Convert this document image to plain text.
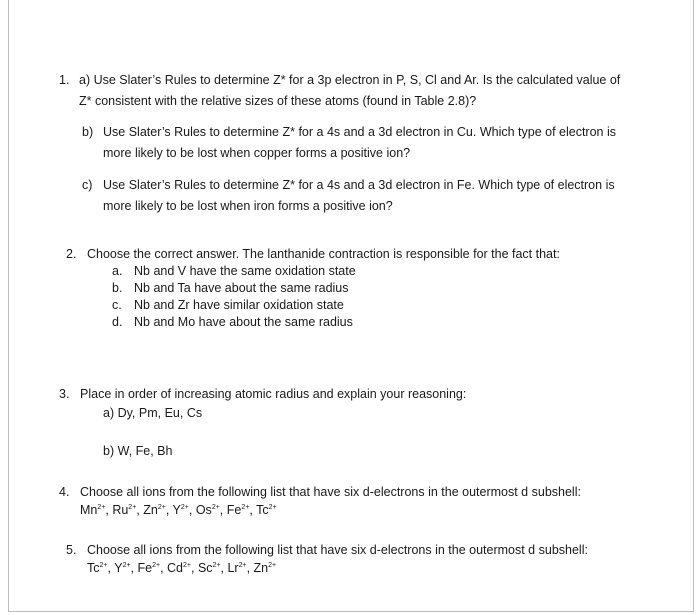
1. a) Use Slater’s Rules to determine Z* for a 3p electron in P, S, Cl and Ar. Is the calculated value of
Z* consistent with the relative sizes of these atoms (found in Table 2.8)?
b) Use Slater’s Rules to determine Z* for a 4s and a 3d electron in Cu. Which type of electron is
more likely to be lost when copper forms a positive ion?
c) Use Slater’s Rules to determine Z* for a 4s and a 3d electron in Fe. Which type of electron is
more likely to be lost when iron forms a positive ion?
2. Choose the correct answer. The lanthanide contraction is responsible for the fact that:
a. Nb and V have the same oxidation state
b. Nb and Ta have about the same radius
c. Nb and Zr have similar oxidation state
d. Nb and Mo have about the same radius
3. Place in order of increasing atomic radius and explain your reasoning:
a) Dy, Pm, Eu, Cs
b) W, Fe, Bh
4. Choose all ions from the following list that have six d-electrons in the outermost d subshell:
$Mn^{2+}$, $Ru^{2+}$, $Zn^{2+}$, $Y^{2+}$, $Os^{2+}$, $Fe^{2+}$, $Tc^{2+}$
5. Choose all ions from the following list that have six d-electrons in the outermost d subshell:
$Tc^{2+}$, $Y^{2+}$, $Fe^{2+}$, $Cd^{2+}$, $Sc^{2+}$, $Lr^{2+}$, $Zn^{2+}$
